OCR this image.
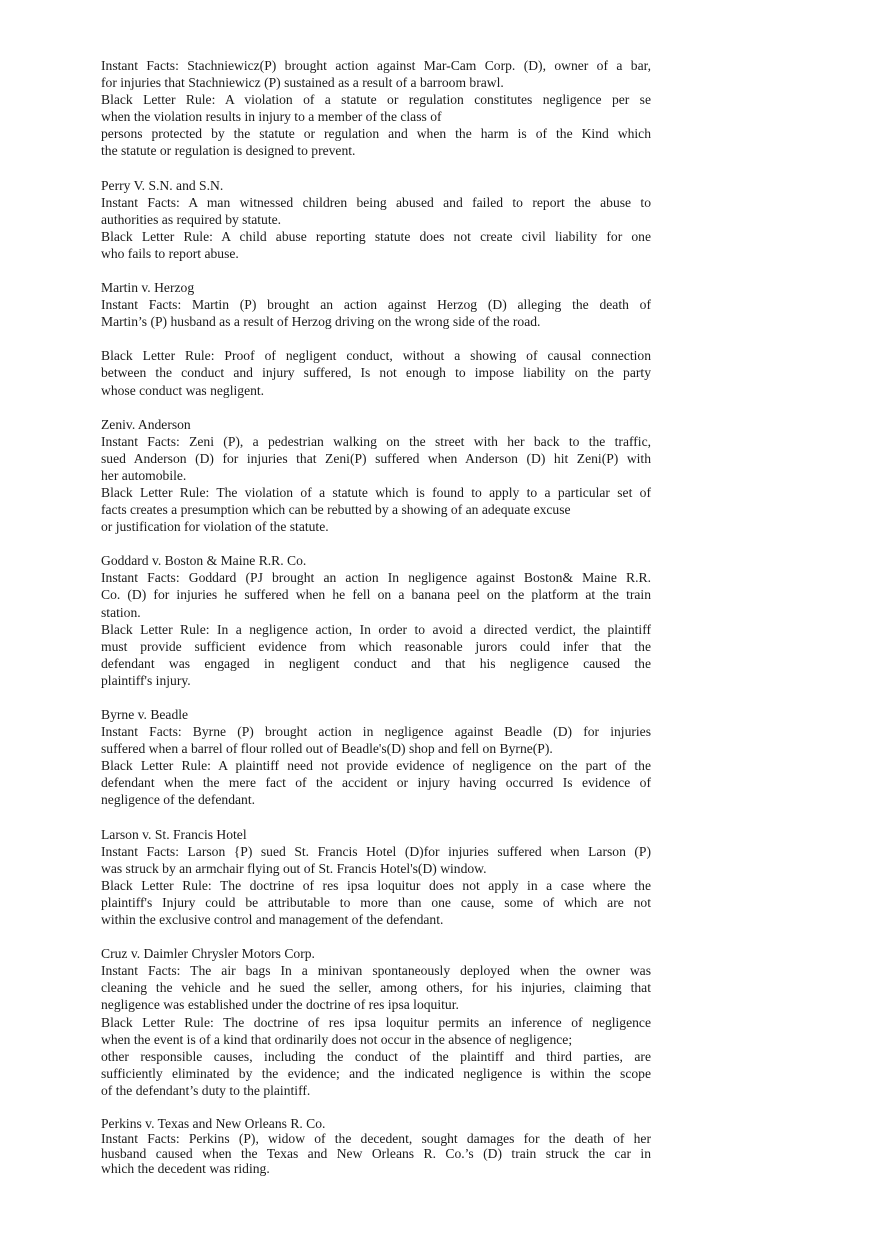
Instant Facts: Stachniewicz(P) brought action against Mar-Cam Corp. (D), owner of a bar,
for injuries that Stachniewicz (P) sustained as a result of a barroom brawl.
Black Letter Rule: A violation of a statute or regulation constitutes negligence per se
when the violation results in injury to a member of the class of
persons protected by the statute or regulation and when the harm is of the Kind which
the statute or regulation is designed to prevent.
Perry V. S.N. and S.N.
Instant Facts: A man witnessed children being abused and failed to report the abuse to
authorities as required by statute.
Black Letter Rule: A child abuse reporting statute does not create civil liability for one
who fails to report abuse.
Martin v. Herzog
Instant Facts: Martin (P) brought an action against Herzog (D) alleging the death of
Martin’s (P) husband as a result of Herzog driving on the wrong side of the road.
Black Letter Rule: Proof of negligent conduct, without a showing of causal connection
between the conduct and injury suffered, Is not enough to impose liability on the party
whose conduct was negligent.
Zeniv. Anderson
Instant Facts: Zeni (P), a pedestrian walking on the street with her back to the traffic,
sued Anderson (D) for injuries that Zeni(P) suffered when Anderson (D) hit Zeni(P) with
her automobile.
Black Letter Rule: The violation of a statute which is found to apply to a particular set of
facts creates a presumption which can be rebutted by a showing of an adequate excuse
or justification for violation of the statute.
Goddard v. Boston & Maine R.R. Co.
Instant Facts: Goddard (PJ brought an action In negligence against Boston& Maine R.R.
Co. (D) for injuries he suffered when he fell on a banana peel on the platform at the train
station.
Black Letter Rule: In a negligence action, In order to avoid a directed verdict, the plaintiff
must provide sufficient evidence from which reasonable jurors could infer that the
defendant was engaged in negligent conduct and that his negligence caused the
plaintiff's injury.
Byrne v. Beadle
Instant Facts: Byrne (P) brought action in negligence against Beadle (D) for injuries
suffered when a barrel of flour rolled out of Beadle's(D) shop and fell on Byrne(P).
Black Letter Rule: A plaintiff need not provide evidence of negligence on the part of the
defendant when the mere fact of the accident or injury having occurred Is evidence of
negligence of the defendant.
Larson v. St. Francis Hotel
Instant Facts: Larson {P) sued St. Francis Hotel (D)for injuries suffered when Larson (P)
was struck by an armchair flying out of St. Francis Hotel's(D) window.
Black Letter Rule: The doctrine of res ipsa loquitur does not apply in a case where the
plaintiff's Injury could be attributable to more than one cause, some of which are not
within the exclusive control and management of the defendant.
Cruz v. Daimler Chrysler Motors Corp.
Instant Facts: The air bags In a minivan spontaneously deployed when the owner was
cleaning the vehicle and he sued the seller, among others, for his injuries, claiming that
negligence was established under the doctrine of res ipsa loquitur.
Black Letter Rule: The doctrine of res ipsa loquitur permits an inference of negligence
when the event is of a kind that ordinarily does not occur in the absence of negligence;
other responsible causes, including the conduct of the plaintiff and third parties, are
sufficiently eliminated by the evidence; and the indicated negligence is within the scope
of the defendant’s duty to the plaintiff.
Perkins v. Texas and New Orleans R. Co.
Instant Facts: Perkins (P), widow of the decedent, sought damages for the death of her
husband caused when the Texas and New Orleans R. Co.’s (D) train struck the car in
which the decedent was riding.
